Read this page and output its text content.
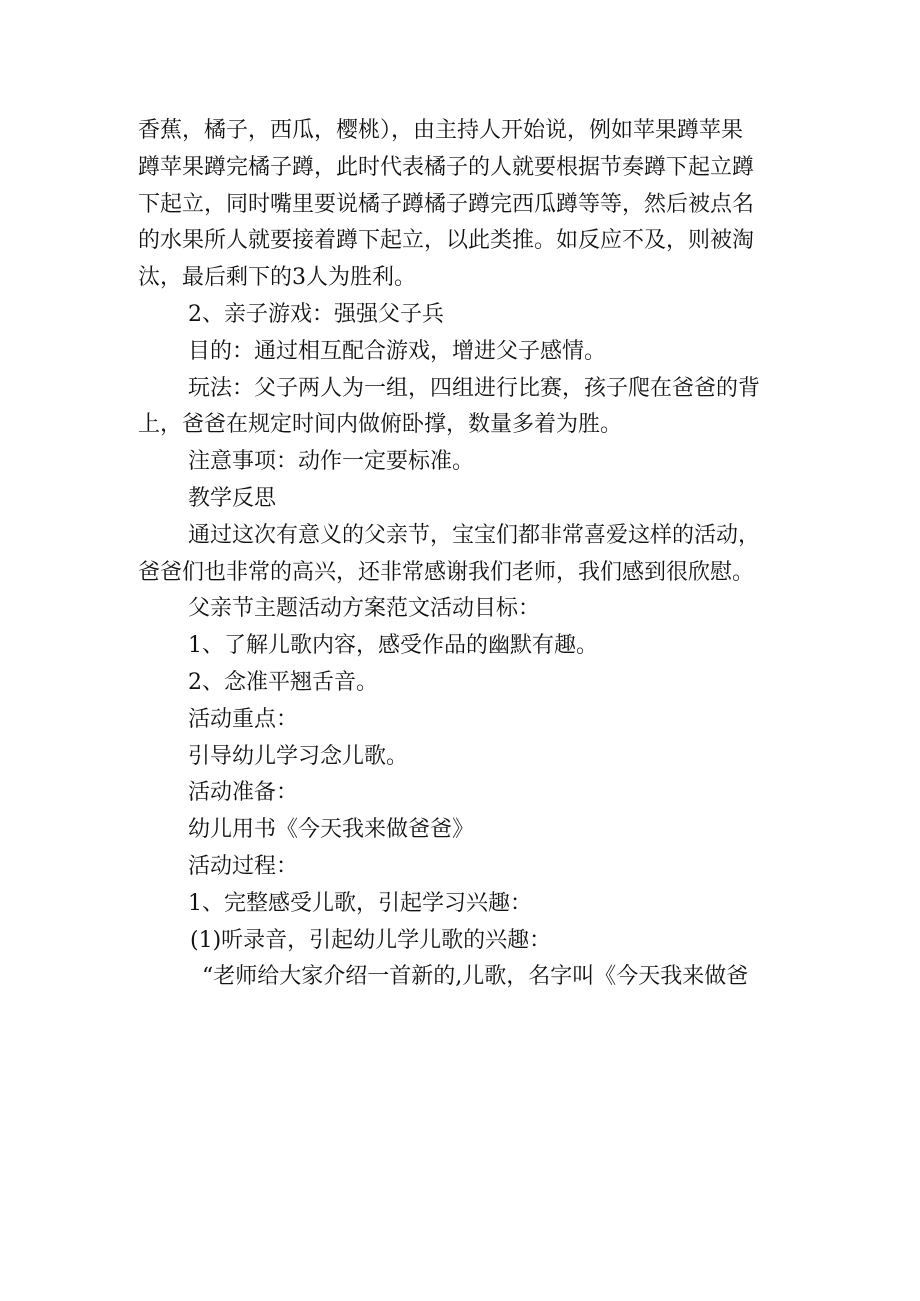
香蕉，橘子，西瓜，樱桃），由主持人开始说，例如苹果蹲苹果
蹲苹果蹲完橘子蹲，此时代表橘子的人就要根据节奏蹲下起立蹲
下起立，同时嘴里要说橘子蹲橘子蹲完西瓜蹲等等，然后被点名
的水果所人就要接着蹲下起立，以此类推。如反应不及，则被淘
汰，最后剩下的3人为胜利。
2、亲子游戏：强强父子兵
目的：通过相互配合游戏，增进父子感情。
玩法：父子两人为一组，四组进行比赛，孩子爬在爸爸的背
上，爸爸在规定时间内做俯卧撑，数量多着为胜。
注意事项：动作一定要标准。
教学反思
通过这次有意义的父亲节，宝宝们都非常喜爱这样的活动，
爸爸们也非常的高兴，还非常感谢我们老师，我们感到很欣慰。
父亲节主题活动方案范文活动目标：
1、了解儿歌内容，感受作品的幽默有趣。
2、念准平翘舌音。
活动重点：
引导幼儿学习念儿歌。
活动准备：
幼儿用书《今天我来做爸爸》
活动过程：
1、完整感受儿歌，引起学习兴趣：
(1)听录音，引起幼儿学儿歌的兴趣：
“老师给大家介绍一首新的,儿歌，名字叫《今天我来做爸
